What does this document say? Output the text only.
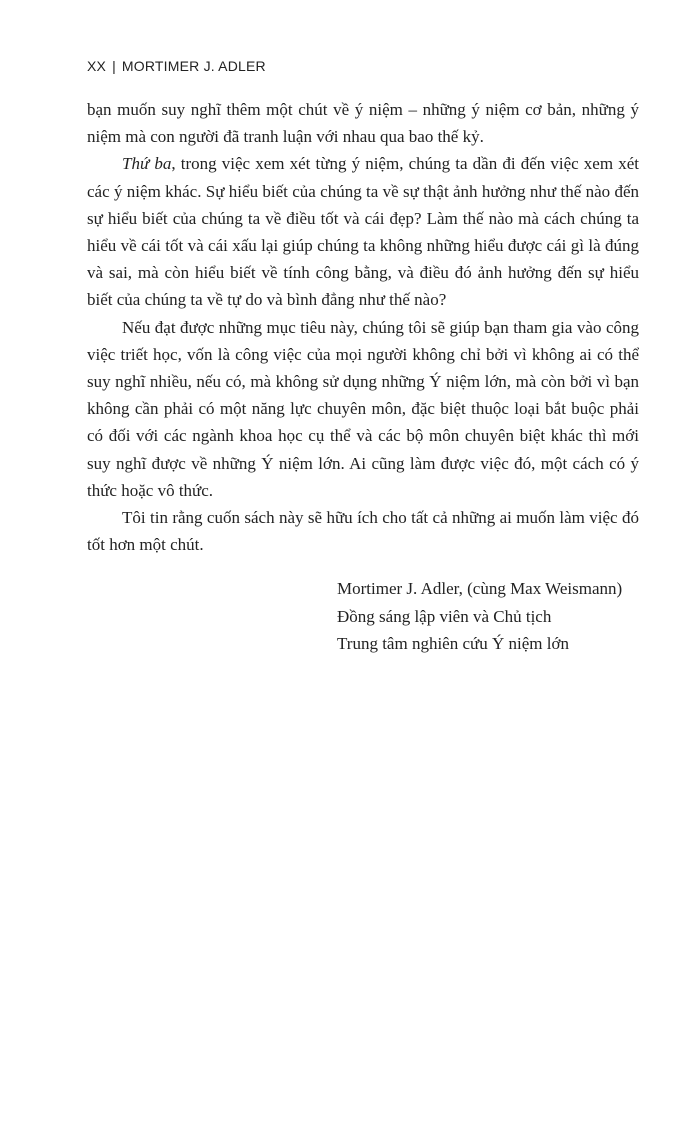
XX | MORTIMER J. ADLER

bạn muốn suy nghĩ thêm một chút về ý niệm – những ý niệm cơ bản, những ý niệm mà con người đã tranh luận với nhau qua bao thế kỷ.

Thứ ba, trong việc xem xét từng ý niệm, chúng ta dần đi đến việc xem xét các ý niệm khác. Sự hiểu biết của chúng ta về sự thật ảnh hưởng như thế nào đến sự hiểu biết của chúng ta về điều tốt và cái đẹp? Làm thế nào mà cách chúng ta hiểu về cái tốt và cái xấu lại giúp chúng ta không những hiểu được cái gì là đúng và sai, mà còn hiểu biết về tính công bằng, và điều đó ảnh hưởng đến sự hiểu biết của chúng ta về tự do và bình đẳng như thế nào?

Nếu đạt được những mục tiêu này, chúng tôi sẽ giúp bạn tham gia vào công việc triết học, vốn là công việc của mọi người không chỉ bởi vì không ai có thể suy nghĩ nhiều, nếu có, mà không sử dụng những Ý niệm lớn, mà còn bởi vì bạn không cần phải có một năng lực chuyên môn, đặc biệt thuộc loại bắt buộc phải có đối với các ngành khoa học cụ thể và các bộ môn chuyên biệt khác thì mới suy nghĩ được về những Ý niệm lớn. Ai cũng làm được việc đó, một cách có ý thức hoặc vô thức.

Tôi tin rằng cuốn sách này sẽ hữu ích cho tất cả những ai muốn làm việc đó tốt hơn một chút.

Mortimer J. Adler, (cùng Max Weismann)
Đồng sáng lập viên và Chủ tịch
Trung tâm nghiên cứu Ý niệm lớn
